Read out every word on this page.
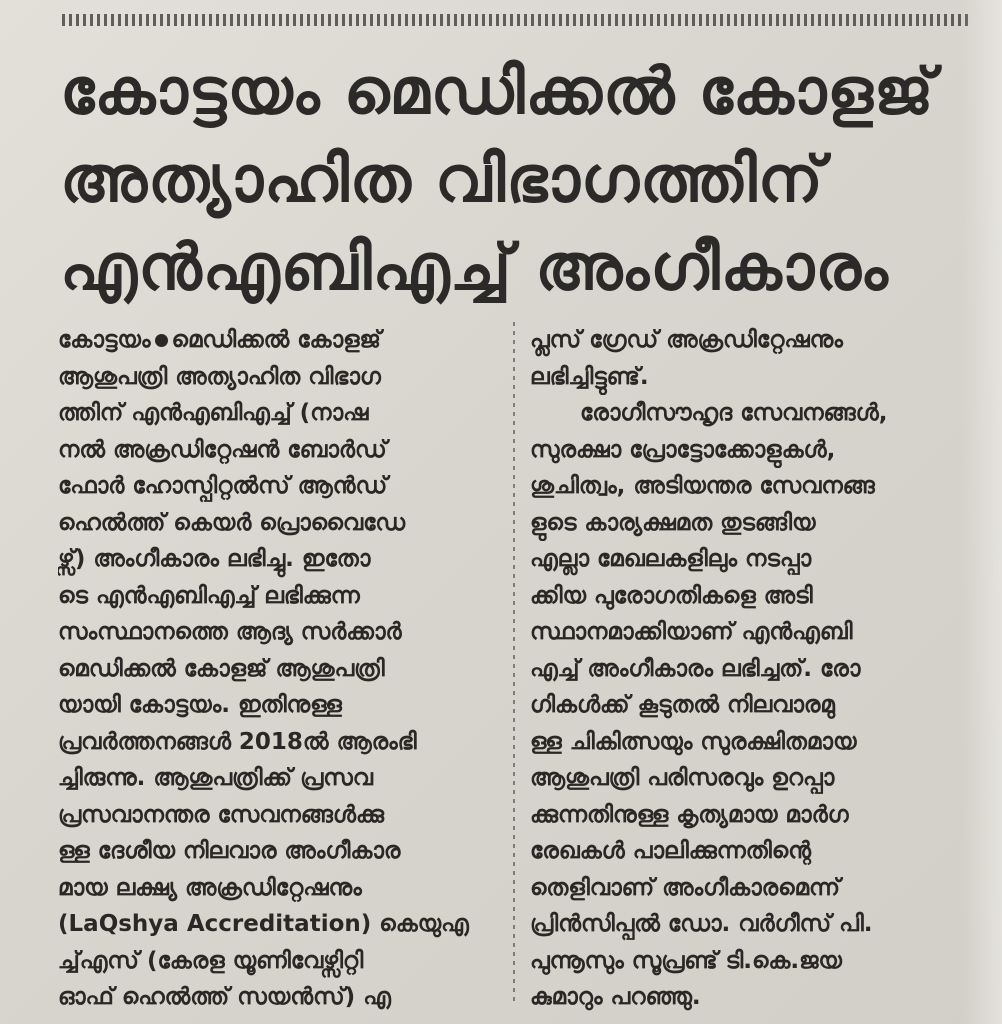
കോട്ടയം മെഡിക്കൽ കോളജ്
അത്യാഹിത വിഭാഗത്തിന്
എൻഎബിഎച്ച് അംഗീകാരം

കോട്ടയം മെഡിക്കൽ കോളജ്
ആശുപത്രി അത്യാഹിത വിഭാഗ
ത്തിന് എൻഎബിഎച്ച് (നാഷ
നൽ അക്രഡിറ്റേഷൻ ബോർഡ്
ഫോർ ഹോസ്പിറ്റൽസ് ആൻഡ്
ഹെൽത്ത് കെയർ പ്രൊവൈഡേ
ഴ്സ്) അംഗീകാരം ലഭിച്ചു. ഇതോ
ടെ എൻഎബിഎച്ച് ലഭിക്കുന്ന
സംസ്ഥാനത്തെ ആദ്യ സർക്കാർ
മെഡിക്കൽ കോളജ് ആശുപത്രി
യായി കോട്ടയം. ഇതിനുള്ള
പ്രവർത്തനങ്ങൾ 2018ൽ ആരംഭി
ച്ചിരുന്നു. ആശുപത്രിക്ക് പ്രസവ
പ്രസവാനന്തര സേവനങ്ങൾക്കു
ള്ള ദേശീയ നിലവാര അംഗീകാര
മായ ലക്ഷ്യ അക്രഡിറ്റേഷനും
(LaQshya Accreditation) കെയുഎ
ച്ച്എസ് (കേരള യൂണിവേഴ്സിറ്റി
ഓഫ് ഹെൽത്ത് സയൻസ്) എ

പ്ലസ് ഗ്രേഡ് അക്രഡിറ്റേഷനും
ലഭിച്ചിട്ടുണ്ട്.

രോഗീസൗഹൃദ സേവനങ്ങൾ,
സുരക്ഷാ പ്രോട്ടോക്കോളുകൾ,
ശുചിത്വം, അടിയന്തര സേവനങ്ങ
ളുടെ കാര്യക്ഷമത തുടങ്ങിയ
എല്ലാ മേഖലകളിലും നടപ്പാ
ക്കിയ പുരോഗതികളെ അടി
സ്ഥാനമാക്കിയാണ് എൻഎബി
എച്ച് അംഗീകാരം ലഭിച്ചത്. രോ
ഗികൾക്ക് കൂടുതൽ നിലവാരമു
ള്ള ചികിത്സയും സുരക്ഷിതമായ
ആശുപത്രി പരിസരവും ഉറപ്പാ
ക്കുന്നതിനുള്ള കൃത്യമായ മാർഗ
രേഖകൾ പാലിക്കുന്നതിന്റെ
തെളിവാണ് അംഗീകാരമെന്ന്
പ്രിൻസിപ്പൽ ഡോ. വർഗീസ് പി.
പുന്നൂസും സൂപ്രണ്ട് ടി.കെ.ജയ
കുമാറും പറഞ്ഞു.
